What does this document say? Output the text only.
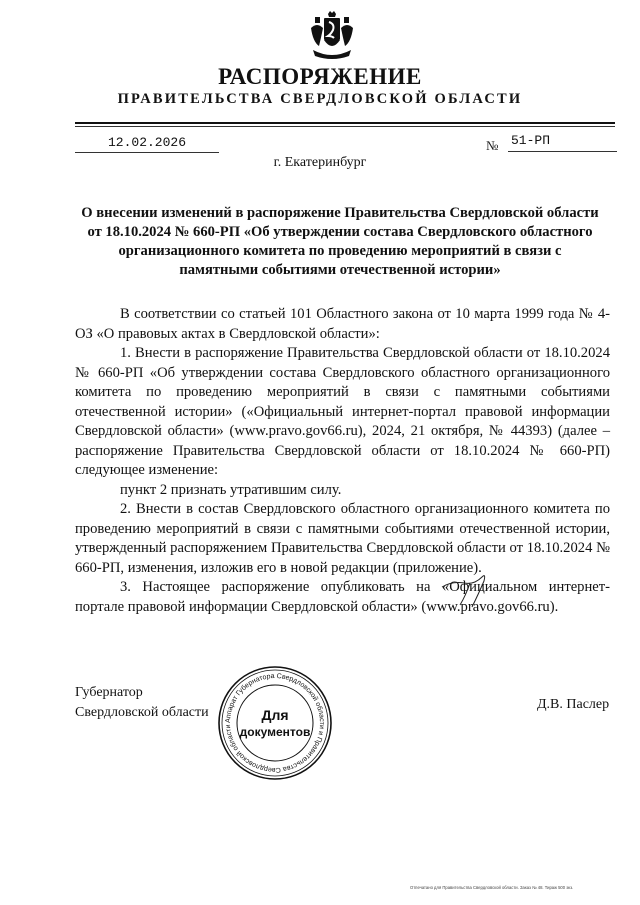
РАСПОРЯЖЕНИЕ
ПРАВИТЕЛЬСТВА СВЕРДЛОВСКОЙ ОБЛАСТИ
12.02.2026	№ 51-РП
г. Екатеринбург
О внесении изменений в распоряжение Правительства Свердловской области от 18.10.2024 № 660-РП «Об утверждении состава Свердловского областного организационного комитета по проведению мероприятий в связи с памятными событиями отечественной истории»

В соответствии со статьей 101 Областного закона от 10 марта 1999 года № 4-ОЗ «О правовых актах в Свердловской области»:

1. Внести в распоряжение Правительства Свердловской области от 18.10.2024 № 660-РП «Об утверждении состава Свердловского областного организационного комитета по проведению мероприятий в связи с памятными событиями отечественной истории» («Официальный интернет-портал правовой информации Свердловской области» (www.pravo.gov66.ru), 2024, 21 октября, № 44393) (далее – распоряжение Правительства Свердловской области от 18.10.2024 № 660-РП) следующее изменение:

пункт 2 признать утратившим силу.

2. Внести в состав Свердловского областного организационного комитета по проведению мероприятий в связи с памятными событиями отечественной истории, утвержденный распоряжением Правительства Свердловской области от 18.10.2024 № 660-РП, изменения, изложив его в новой редакции (приложение).

3. Настоящее распоряжение опубликовать на «Официальном интернет-портале правовой информации Свердловской области» (www.pravo.gov66.ru).

Губернатор
Свердловской области
Д.В. Паслер
Аппарат Губернатора Свердловской области и Правительства Свердловской области
Для
документов
Отпечатано для Правительства Свердловской области. Заказ № 48. Тираж 500 экз.
